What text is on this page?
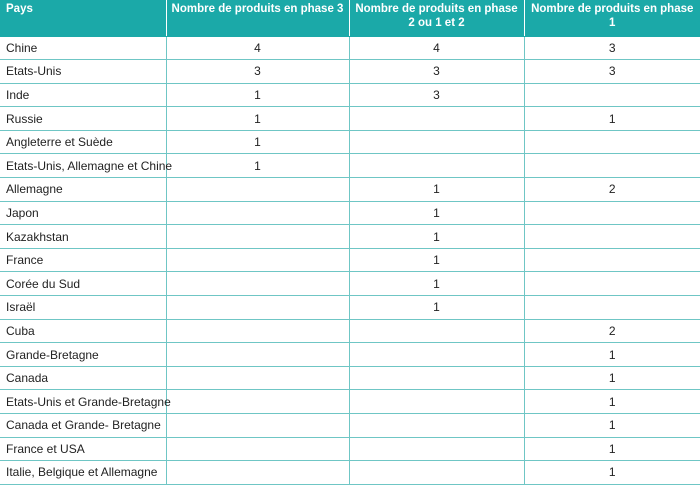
Pays	Nombre de produits en phase 3	Nombre de produits en phase 2 ou 1 et 2	Nombre de produits en phase 1
Chine	4	4	3
Etats-Unis	3	3	3
Inde	1	3	
Russie	1		1
Angleterre et Suède	1		
Etats-Unis, Allemagne et Chine	1		
Allemagne		1	2
Japon		1	
Kazakhstan		1	
France		1	
Corée du Sud		1	
Israël		1	
Cuba			2
Grande-Bretagne			1
Canada			1
Etats-Unis et Grande-Bretagne			1
Canada et Grande- Bretagne			1
France et USA			1
Italie, Belgique et Allemagne			1
